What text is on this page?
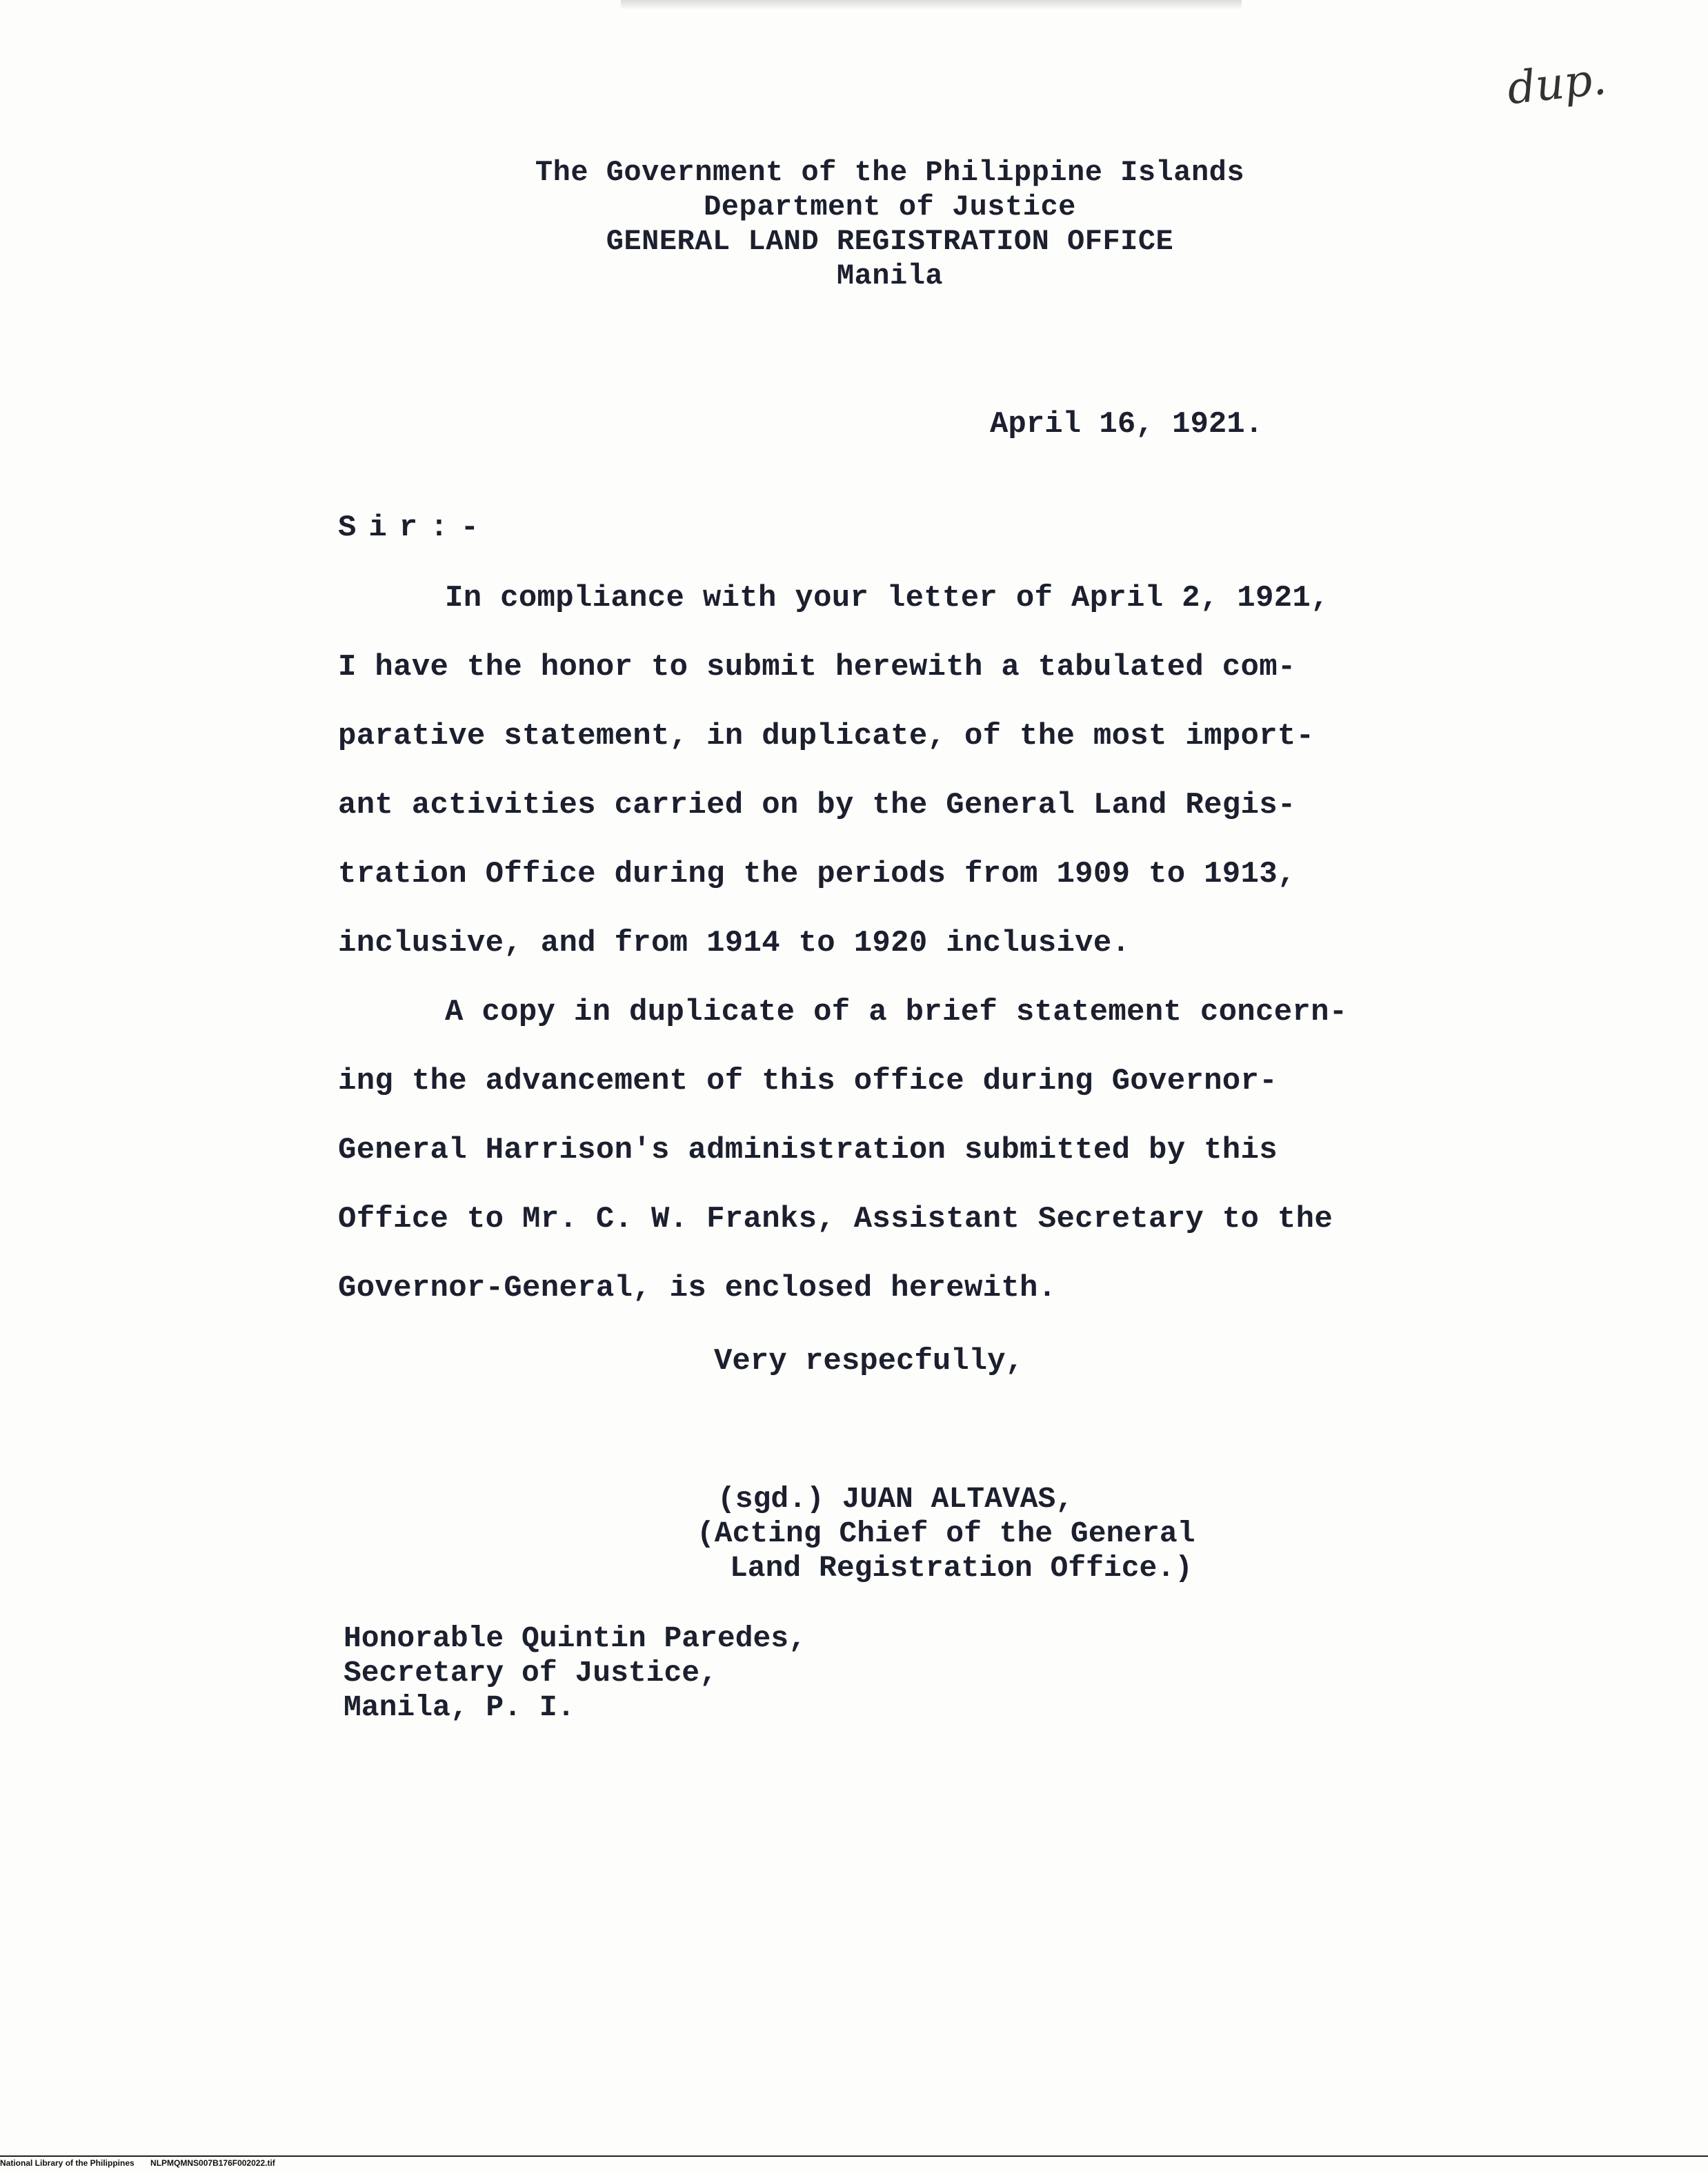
dup.
The Government of the Philippine Islands
Department of Justice
GENERAL LAND REGISTRATION OFFICE
Manila
April 16, 1921.
Sir:-
In compliance with your letter of April 2, 1921,
I have the honor to submit herewith a tabulated com-
parative statement, in duplicate, of the most import-
ant activities carried on by the General Land Regis-
tration Office during the periods from 1909 to 1913,
inclusive, and from 1914 to 1920 inclusive.
A copy in duplicate of a brief statement concern-
ing the advancement of this office during Governor-
General Harrison's administration submitted by this
Office to Mr. C. W. Franks, Assistant Secretary to the
Governor-General, is enclosed herewith.
Very respecfully,
(sgd.) JUAN ALTAVAS,
(Acting Chief of the General
Land Registration Office.)
Honorable Quintin Paredes,
Secretary of Justice,
Manila, P. I.
National Library of the Philippines NLPMQMNS007B176F002022.tif
